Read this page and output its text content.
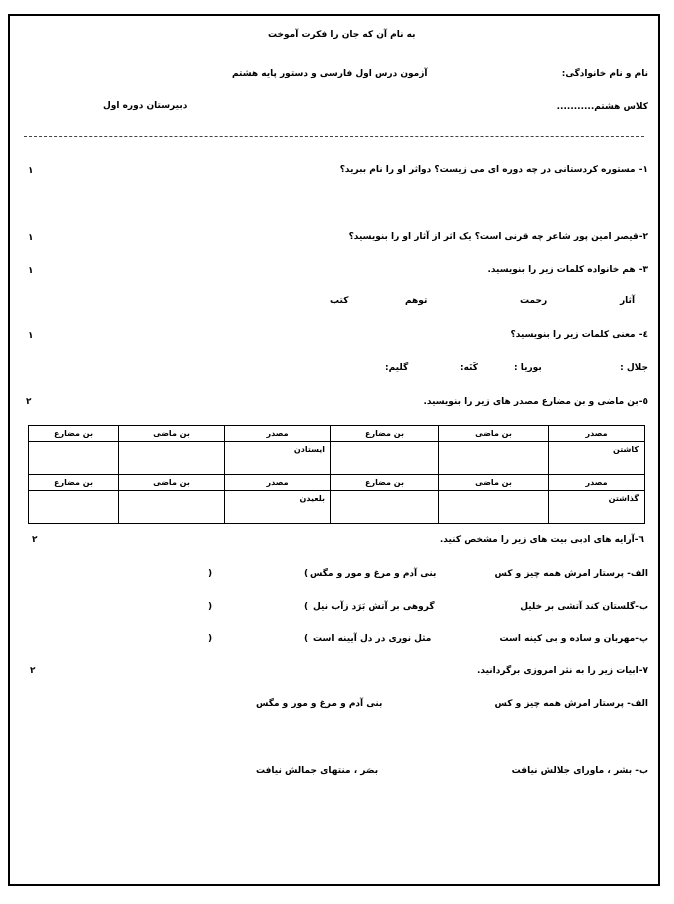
به نام آن که جان را فکرت آموخت
نام و نام خانوادگی:
آزمون درس اول فارسی و دستور پایه هشتم
کلاس هشتم...........
دبیرستان دوره اول
۱- مستوره کردستانی در چه دوره ای می زیست؟ دواثر او را نام ببرید؟
۱
۲-قیصر امین پور شاعر چه قرنی است؟ یک اثر از آثار او را بنویسید؟
۱
۳- هم خانواده کلمات زیر را بنویسید.
۱
آثار
رحمت
توهم
کتب
٤- معنی کلمات زیر را بنویسید؟
۱
جلال :
بوریا :
کَنَه:
گلیم:
٥-بن ماضی و بن مضارع مصدر های زیر را بنویسید.
۲
مصدر	بن ماضی	بن مضارع	مصدر	بن ماضی	بن مضارع
کاشتن			ایستادن		
مصدر	بن ماضی	بن مضارع	مصدر	بن ماضی	بن مضارع
گذاشتن			بلعیدن		
٦-آرایه های ادبی بیت های زیر را مشخص کنید.
۲
الف- پرستار امرش همه چیز و کس
بنی آدم و مرغ و مور و مگس
(
)
ب-گلستان کند آتشی بر خلیل
گروهی بر آتش بَرَد زآب نیل
(
)
پ-مهربان و ساده و بی کینه است
مثل نوری در دل آیینه است
(
)
۷-ابیات زیر را به نثر امروزی برگردانید.
۲
الف- پرستار امرش همه چیز و کس
بنی آدم و مرغ و مور و مگس
ب- بشر ، ماورای جلالش نیافت
بصَر ، منتهای جمالش نیافت
